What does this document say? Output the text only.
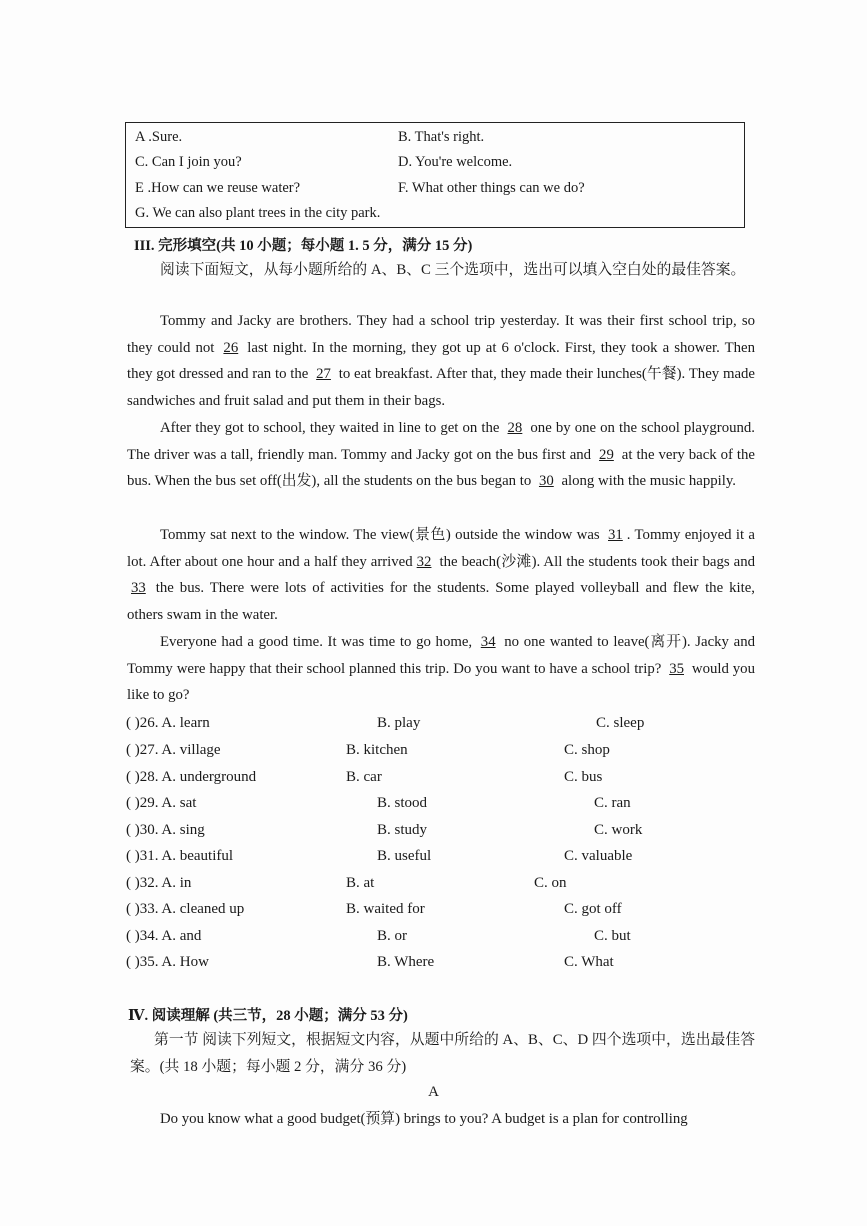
A .Sure.	B. That's right.
C. Can I join you?	D. You're welcome.
E .How can we reuse water?	F. What other things can we do?
G. We can also plant trees in the city park.
III. 完形填空(共 10 小题；每小题 1. 5 分，满分 15 分)
阅读下面短文，从每小题所给的 A、B、C 三个选项中，选出可以填入空白处的最佳答案。
Tommy and Jacky are brothers. They had a school trip yesterday. It was their first school trip, so they could not 26 last night. In the morning, they got up at 6 o'clock. First, they took a shower. Then they got dressed and ran to the 27 to eat breakfast. After that, they made their lunches(午餐). They made sandwiches and fruit salad and put them in their bags.
After they got to school, they waited in line to get on the 28 one by one on the school playground. The driver was a tall, friendly man. Tommy and Jacky got on the bus first and 29 at the very back of the bus. When the bus set off(出发), all the students on the bus began to 30 along with the music happily.
Tommy sat next to the window. The view(景色) outside the window was 31 . Tommy enjoyed it a lot. After about one hour and a half they arrived 32 the beach(沙滩). All the students took their bags and 33 the bus. There were lots of activities for the students. Some played volleyball and flew the kite, others swam in the water.
Everyone had a good time. It was time to go home, 34 no one wanted to leave(离开). Jacky and Tommy were happy that their school planned this trip. Do you want to have a school trip? 35 would you like to go?
( )26. A. learn	B. play	C. sleep
( )27. A. village	B. kitchen	C. shop
( )28. A. underground	B. car	C. bus
( )29. A. sat	B. stood	C. ran
( )30. A. sing	B. study	C. work
( )31. A. beautiful	B. useful	C. valuable
( )32. A. in	B. at	C. on
( )33. A. cleaned up	B. waited for	C. got off
( )34. A. and	B. or	C. but
( )35. A. How	B. Where	C. What
Ⅳ. 阅读理解 (共三节，28 小题；满分 53 分)
第一节 阅读下列短文，根据短文内容，从题中所给的 A、B、C、D 四个选项中，选出最佳答案。(共 18 小题；每小题 2 分，满分 36 分)
A
Do you know what a good budget(预算) brings to you? A budget is a plan for controlling
